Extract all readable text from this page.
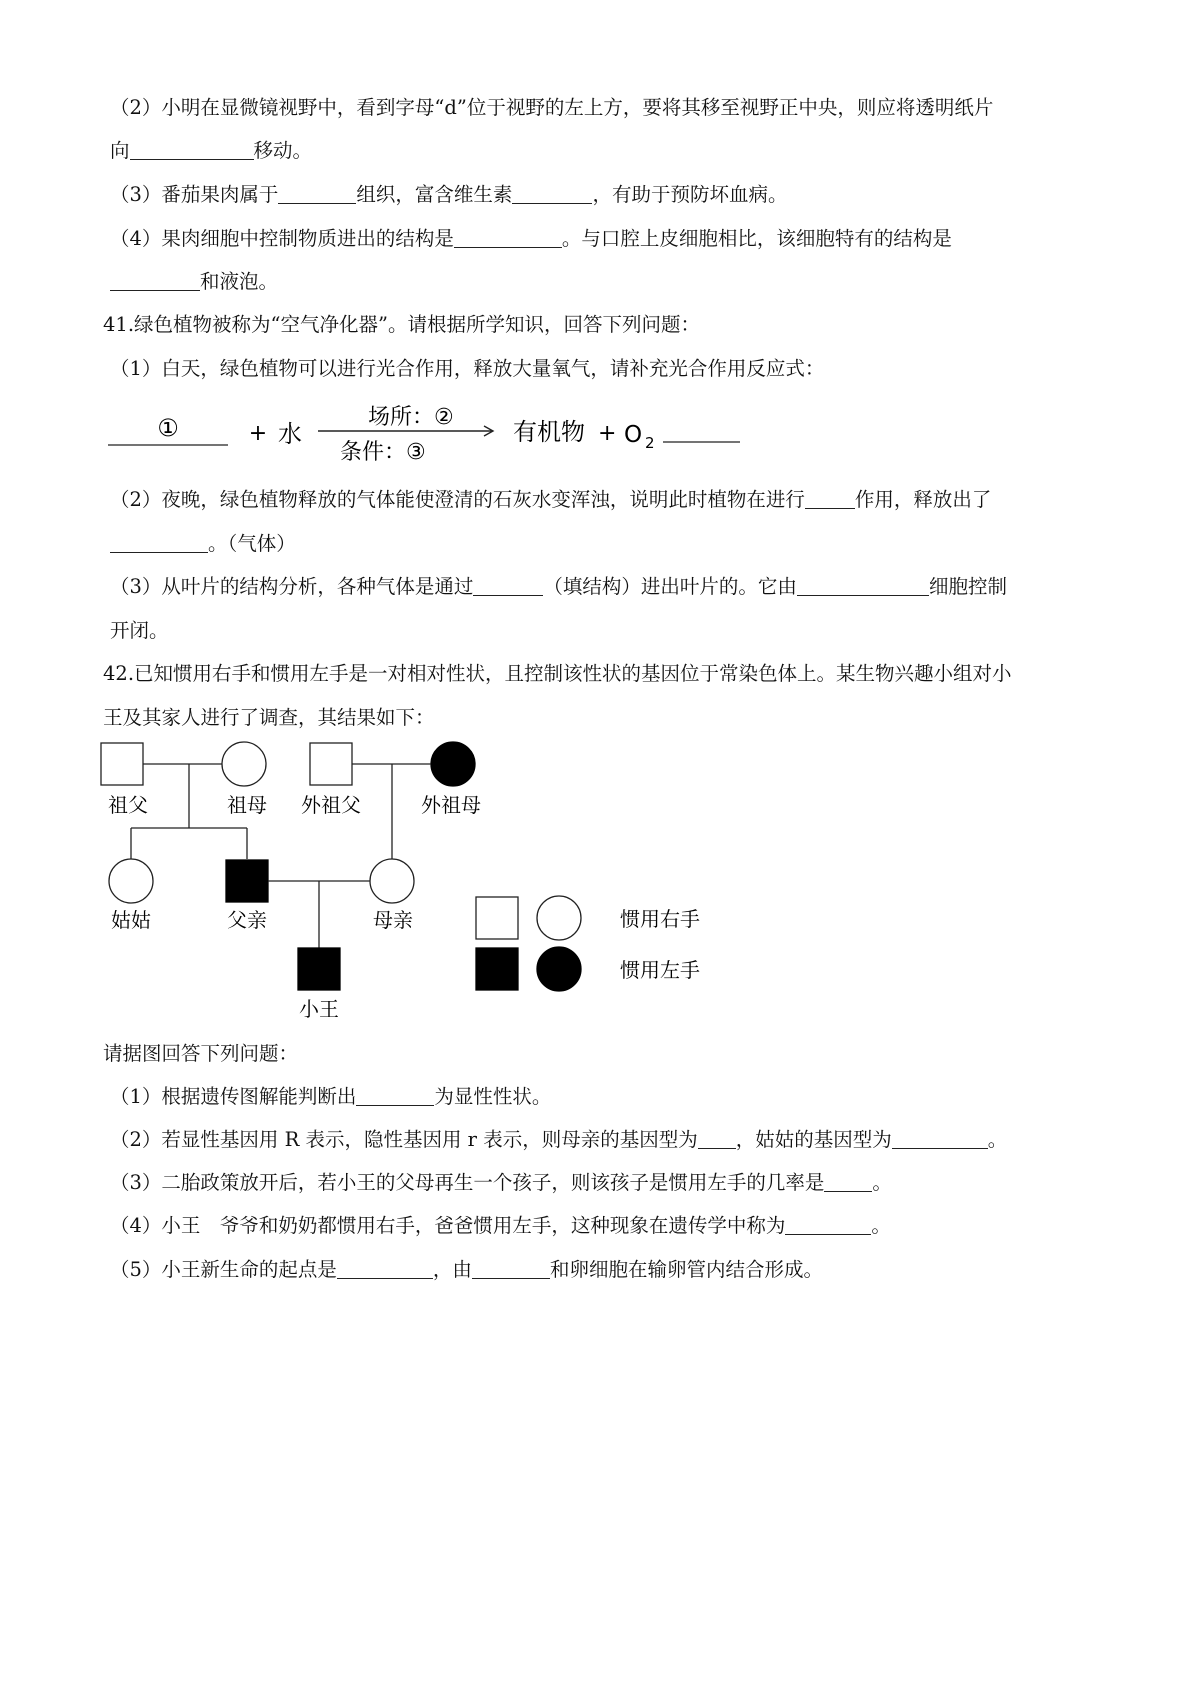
（2）小明在显微镜视野中，看到字母“d”位于视野的左上方，要将其移至视野正中央，则应将透明纸片
向	移动。
（3）番茄果肉属于	组织，富含维生素	，有助于预防坏血病。
（4）果肉细胞中控制物质进出的结构是	。与口腔上皮细胞相比，该细胞特有的结构是
和液泡。
41.绿色植物被称为“空气净化器”。请根据所学知识，回答下列问题：
（1）白天，绿色植物可以进行光合作用，释放大量氧气，请补充光合作用反应式：
①	+ 水
场所：②
条件：③
有机物 + O 2
（2）夜晚，绿色植物释放的气体能使澄清的石灰水变浑浊，说明此时植物在进行	作用，释放出了
。（气体）
（3）从叶片的结构分析，各种气体是通过	（填结构）进出叶片的。它由	细胞控制
开闭。
42.已知惯用右手和惯用左手是一对相对性状，且控制该性状的基因位于常染色体上。某生物兴趣小组对小
王及其家人进行了调查，其结果如下：
祖父	祖母 外祖父	外祖母
姑姑	父亲	母亲
小王
惯用右手
惯用左手
请据图回答下列问题：
（1）根据遗传图解能判断出	为显性性状。
（2）若显性基因用 R 表示，隐性基因用 r 表示，则母亲的基因型为 ，姑姑的基因型为	。
（3）二胎政策放开后，若小王的父母再生一个孩子，则该孩子是惯用左手的几率是 。
（4）小王　爷爷和奶奶都惯用右手，爸爸惯用左手，这种现象在遗传学中称为	。
（5）小王新生命的起点是	，由	和卵细胞在输卵管内结合形成。
